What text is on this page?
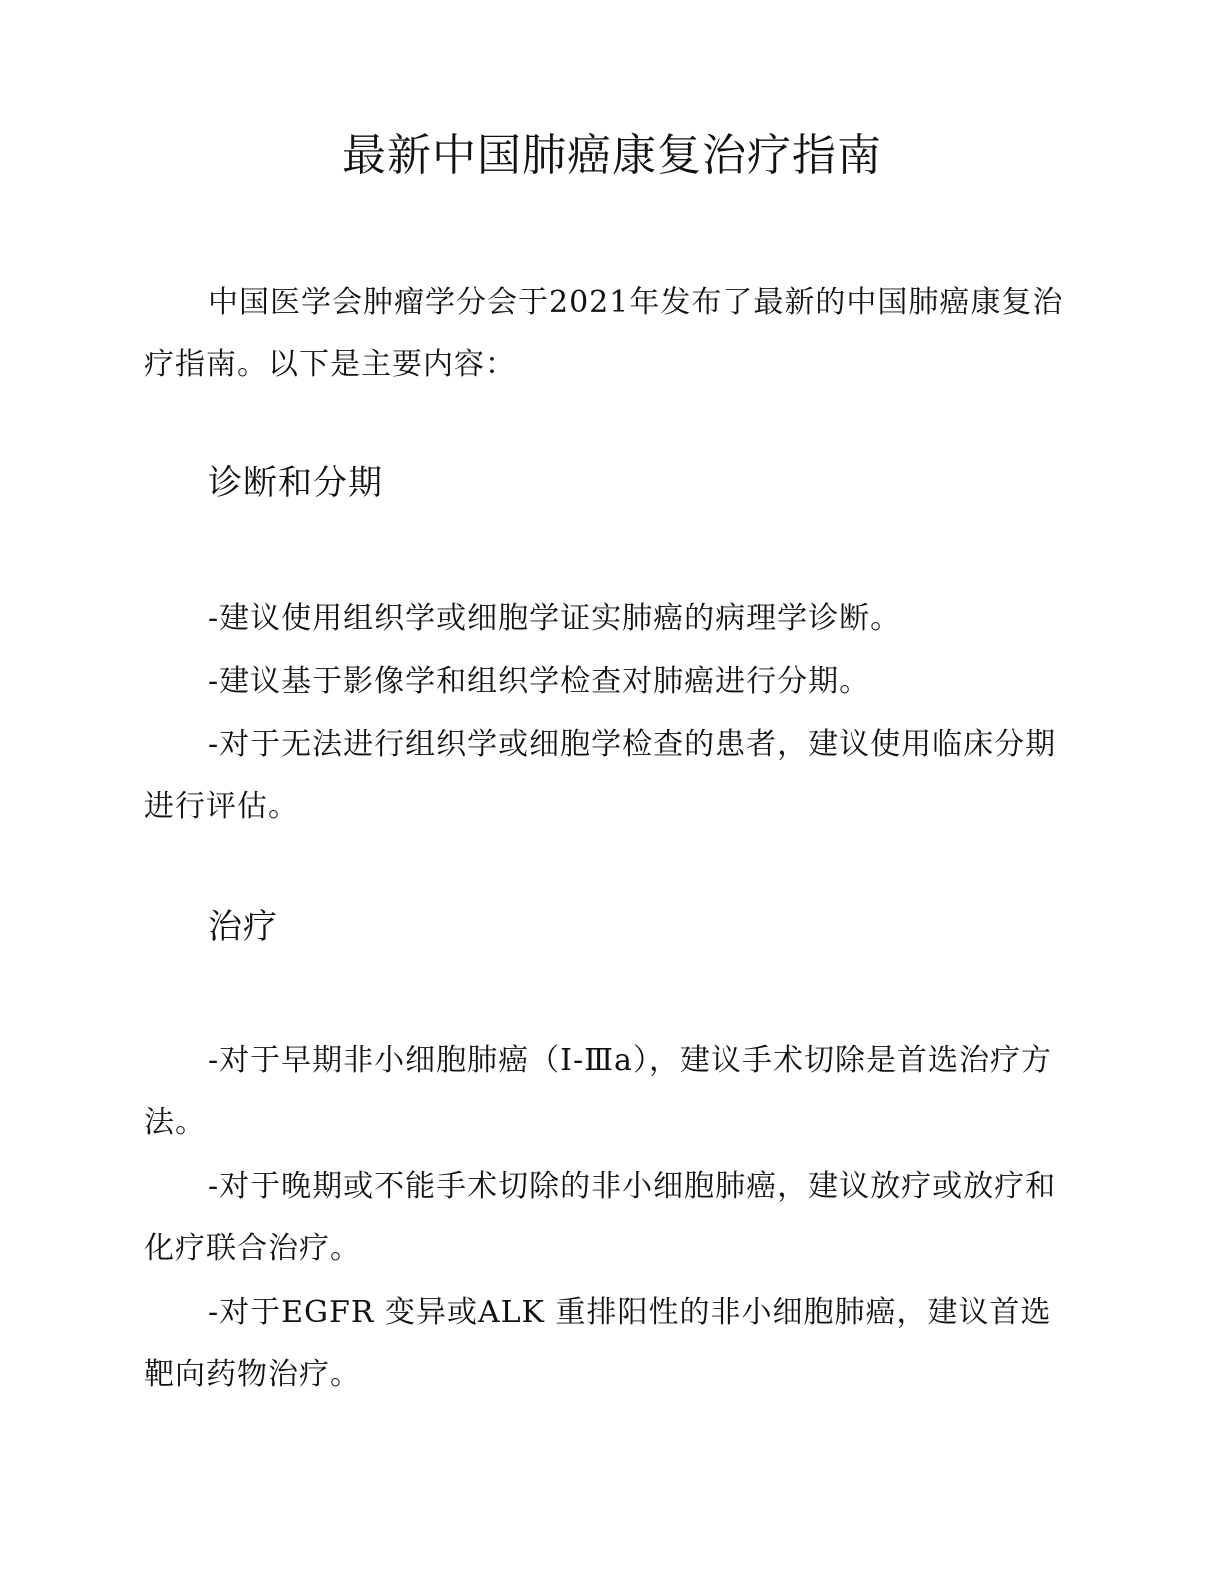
最新中国肺癌康复治疗指南

中国医学会肿瘤学分会于2021年发布了最新的中国肺癌康复治疗指南。以下是主要内容：

诊断和分期

-建议使用组织学或细胞学证实肺癌的病理学诊断。

-建议基于影像学和组织学检查对肺癌进行分期。

-对于无法进行组织学或细胞学检查的患者，建议使用临床分期进行评估。

治疗

-对于早期非小细胞肺癌（Ⅰ-Ⅲa），建议手术切除是首选治疗方法。

-对于晚期或不能手术切除的非小细胞肺癌，建议放疗或放疗和化疗联合治疗。

-对于EGFR 变异或ALK 重排阳性的非小细胞肺癌，建议首选靶向药物治疗。
